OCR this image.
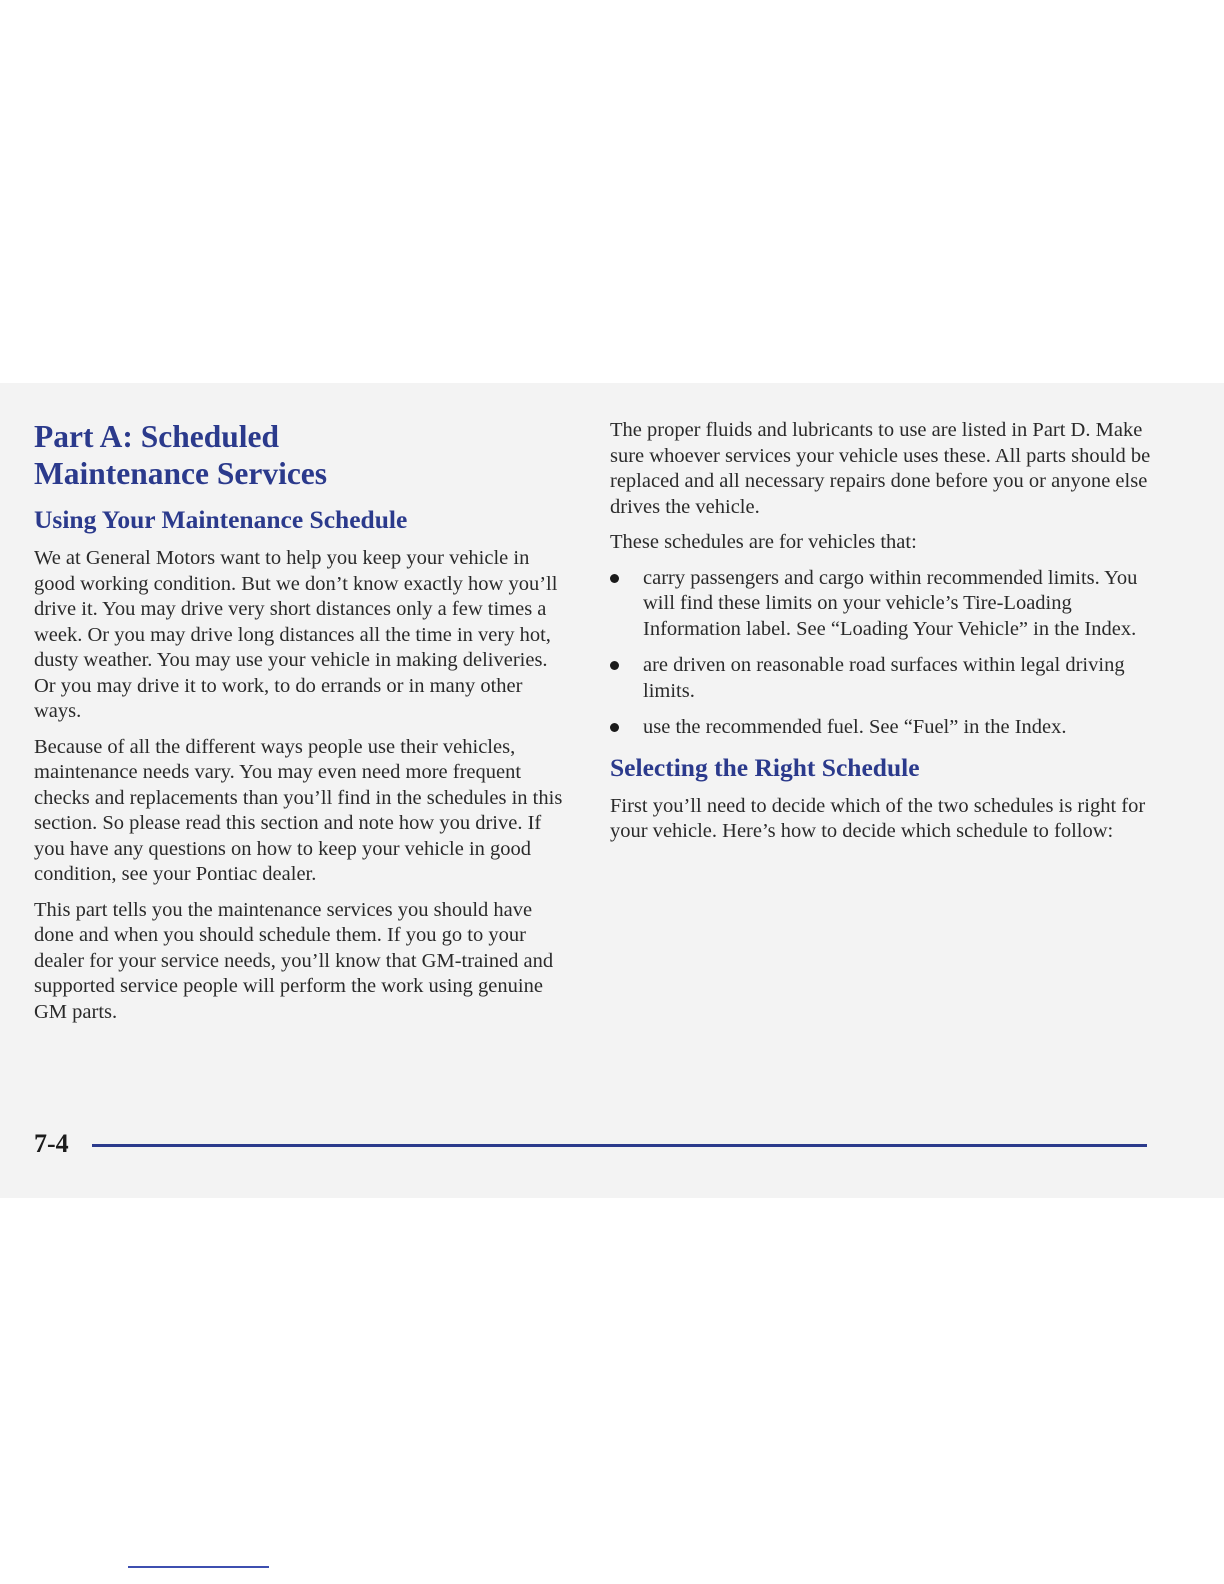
Part A: Scheduled
Maintenance Services
Using Your Maintenance Schedule

We at General Motors want to help you keep your vehicle in good working condition. But we don’t know exactly how you’ll drive it. You may drive very short distances only a few times a week. Or you may drive long distances all the time in very hot, dusty weather. You may use your vehicle in making deliveries. Or you may drive it to work, to do errands or in many other ways.

Because of all the different ways people use their vehicles, maintenance needs vary. You may even need more frequent checks and replacements than you’ll find in the schedules in this section. So please read this section and note how you drive. If you have any questions on how to keep your vehicle in good condition, see your Pontiac dealer.

This part tells you the maintenance services you should have done and when you should schedule them. If you go to your dealer for your service needs, you’ll know that GM-trained and supported service people will perform the work using genuine GM parts.

The proper fluids and lubricants to use are listed in Part D. Make sure whoever services your vehicle uses these. All parts should be replaced and all necessary repairs done before you or anyone else drives the vehicle.

These schedules are for vehicles that:

carry passengers and cargo within recommended limits. You will find these limits on your vehicle’s Tire-Loading Information label. See “Loading Your Vehicle” in the Index.
are driven on reasonable road surfaces within legal driving limits.
use the recommended fuel. See “Fuel” in the Index.
Selecting the Right Schedule

First you’ll need to decide which of the two schedules is right for your vehicle. Here’s how to decide which schedule to follow:

7-4
